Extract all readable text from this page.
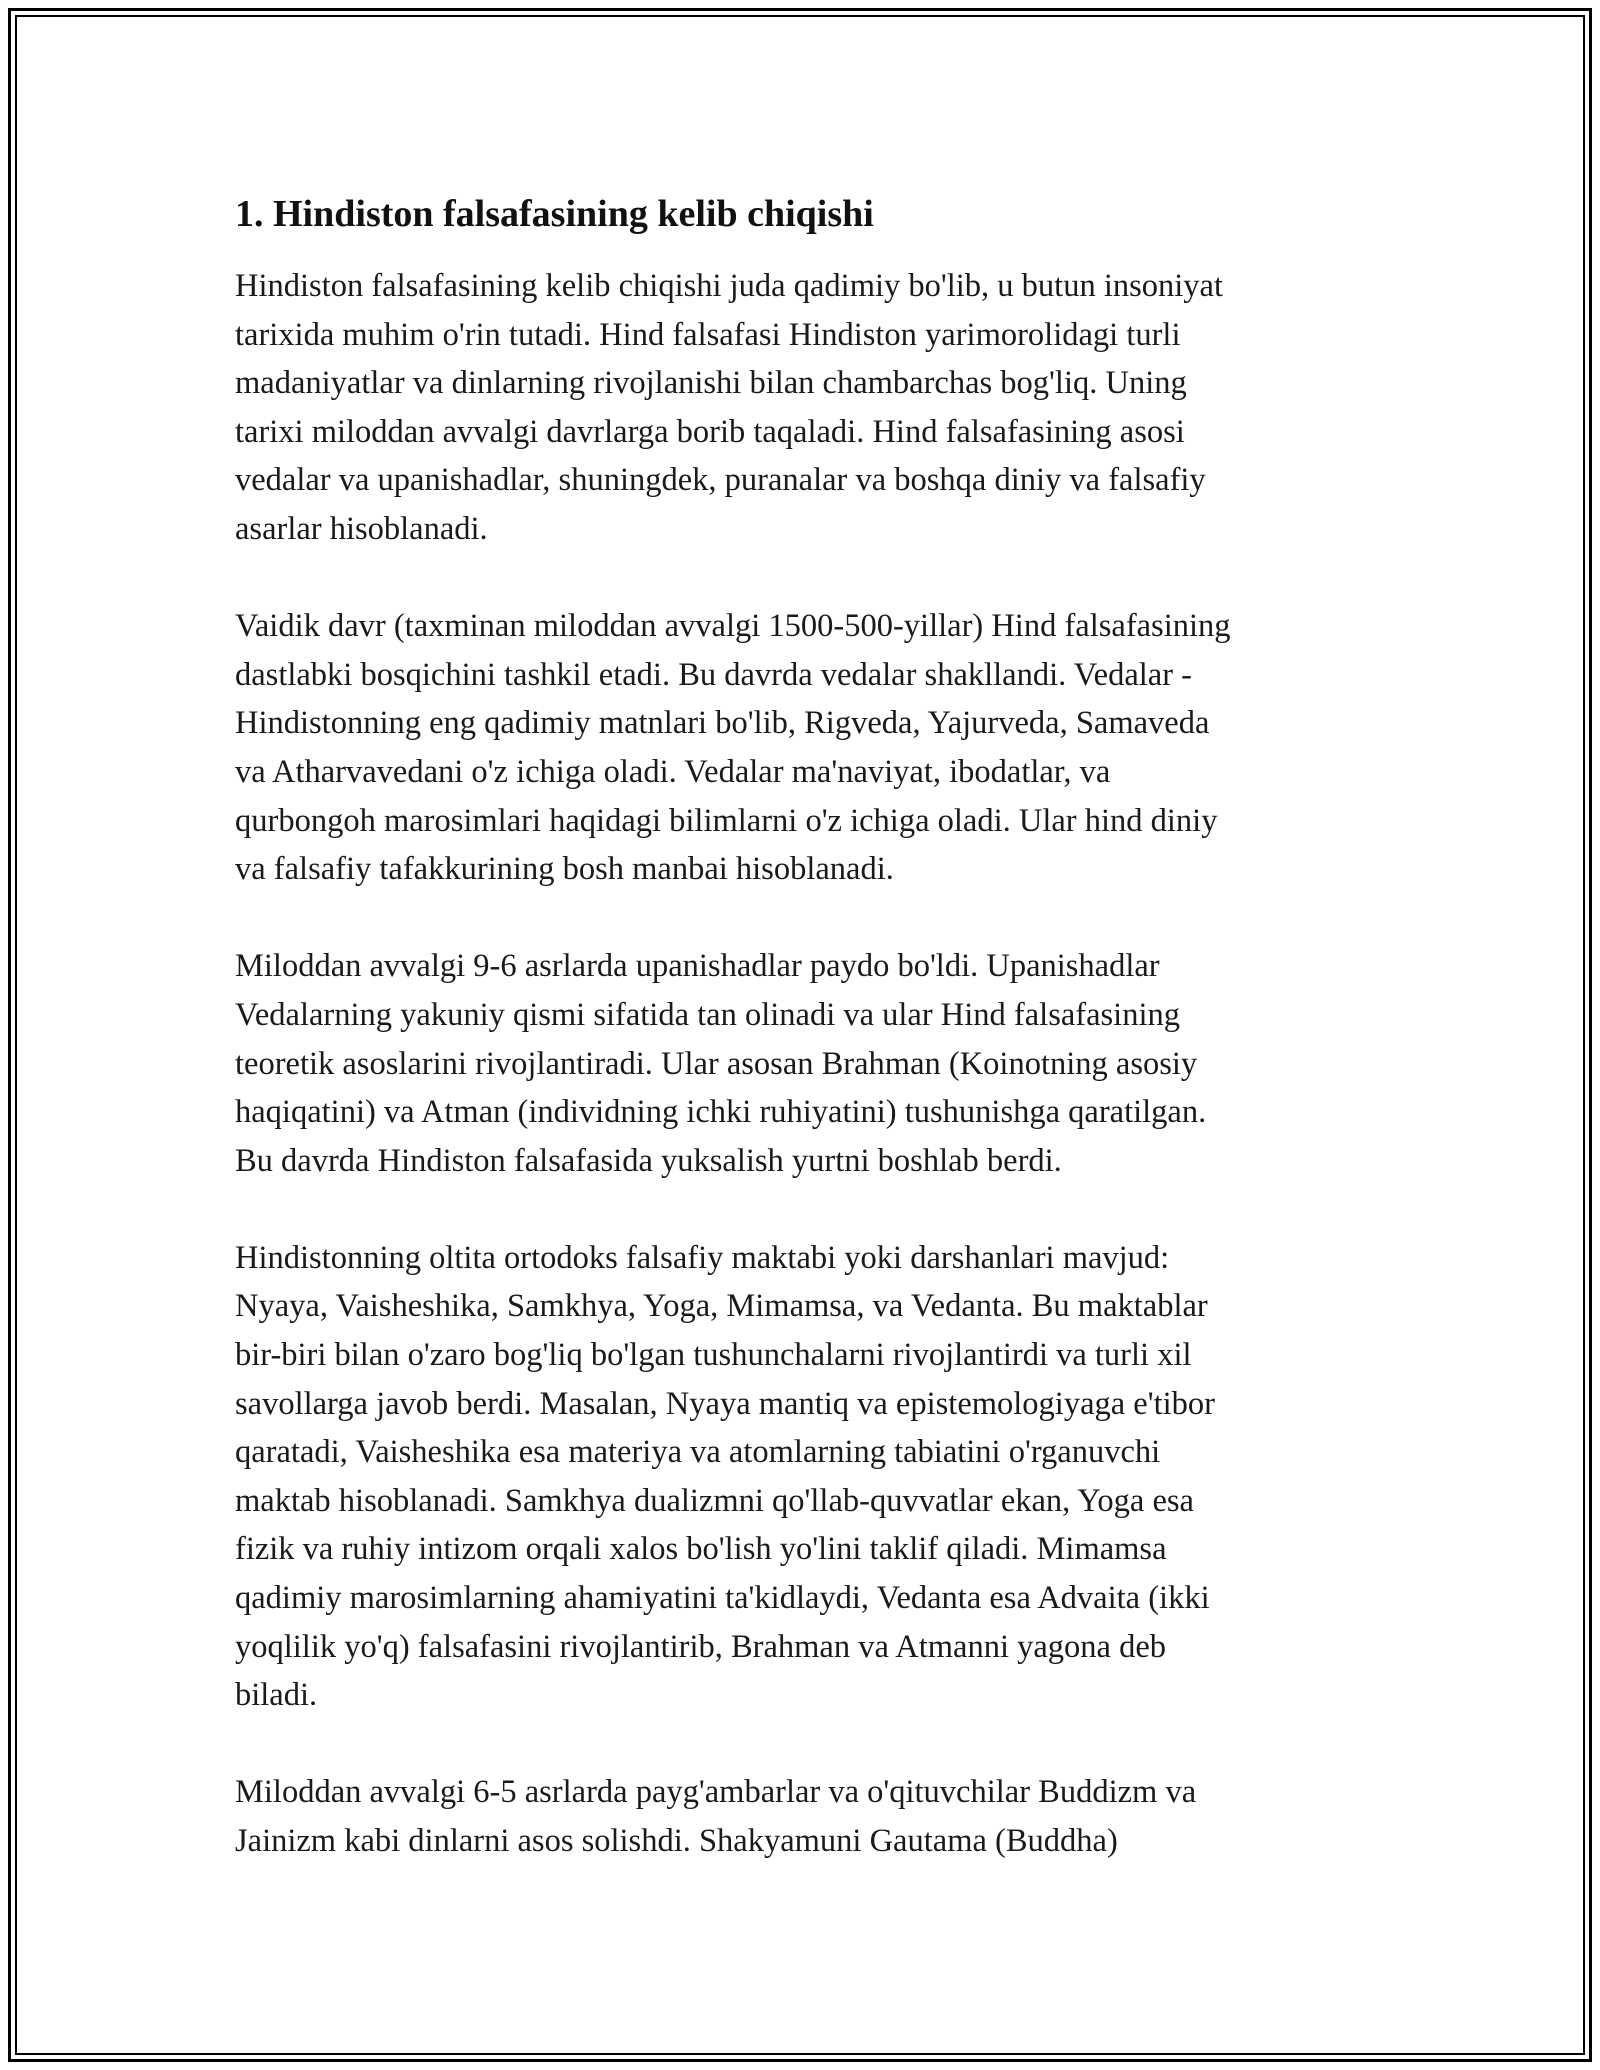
1. Hindiston falsafasining kelib chiqishi

Hindiston falsafasining kelib chiqishi juda qadimiy bo'lib, u butun insoniyat
tarixida muhim o'rin tutadi. Hind falsafasi Hindiston yarimorolidagi turli
madaniyatlar va dinlarning rivojlanishi bilan chambarchas bog'liq. Uning
tarixi miloddan avvalgi davrlarga borib taqaladi. Hind falsafasining asosi
vedalar va upanishadlar, shuningdek, puranalar va boshqa diniy va falsafiy
asarlar hisoblanadi.

Vaidik davr (taxminan miloddan avvalgi 1500-500-yillar) Hind falsafasining
dastlabki bosqichini tashkil etadi. Bu davrda vedalar shakllandi. Vedalar -
Hindistonning eng qadimiy matnlari bo'lib, Rigveda, Yajurveda, Samaveda
va Atharvavedani o'z ichiga oladi. Vedalar ma'naviyat, ibodatlar, va
qurbongoh marosimlari haqidagi bilimlarni o'z ichiga oladi. Ular hind diniy
va falsafiy tafakkurining bosh manbai hisoblanadi.

Miloddan avvalgi 9-6 asrlarda upanishadlar paydo bo'ldi. Upanishadlar
Vedalarning yakuniy qismi sifatida tan olinadi va ular Hind falsafasining
teoretik asoslarini rivojlantiradi. Ular asosan Brahman (Koinotning asosiy
haqiqatini) va Atman (individning ichki ruhiyatini) tushunishga qaratilgan.
Bu davrda Hindiston falsafasida yuksalish yurtni boshlab berdi.

Hindistonning oltita ortodoks falsafiy maktabi yoki darshanlari mavjud:
Nyaya, Vaisheshika, Samkhya, Yoga, Mimamsa, va Vedanta. Bu maktablar
bir-biri bilan o'zaro bog'liq bo'lgan tushunchalarni rivojlantirdi va turli xil
savollarga javob berdi. Masalan, Nyaya mantiq va epistemologiyaga e'tibor
qaratadi, Vaisheshika esa materiya va atomlarning tabiatini o'rganuvchi
maktab hisoblanadi. Samkhya dualizmni qo'llab-quvvatlar ekan, Yoga esa
fizik va ruhiy intizom orqali xalos bo'lish yo'lini taklif qiladi. Mimamsa
qadimiy marosimlarning ahamiyatini ta'kidlaydi, Vedanta esa Advaita (ikki
yoqlilik yo'q) falsafasini rivojlantirib, Brahman va Atmanni yagona deb
biladi.

Miloddan avvalgi 6-5 asrlarda payg'ambarlar va o'qituvchilar Buddizm va
Jainizm kabi dinlarni asos solishdi. Shakyamuni Gautama (Buddha)
